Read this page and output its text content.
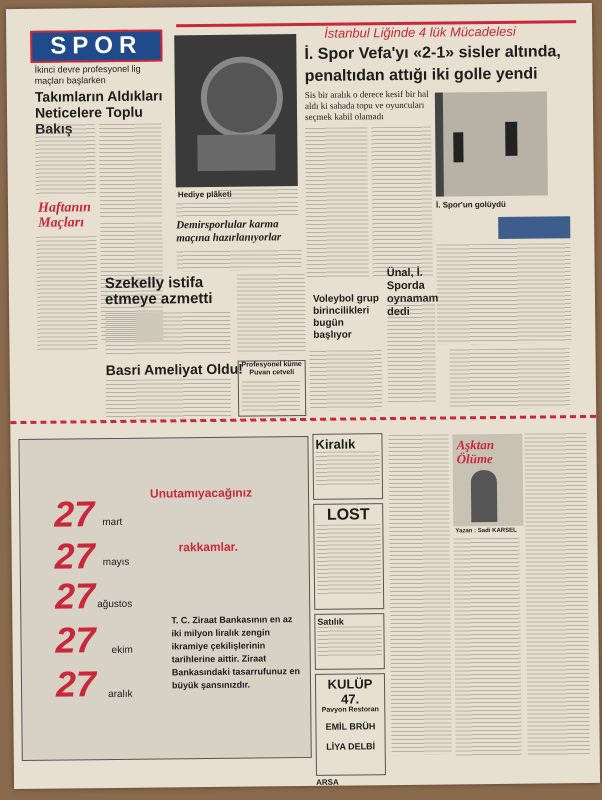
SPOR	İstanbul Liğinde 4 lük Mücadelesi
İkinci devre profesyonel lig maçları başlarken
Takımların Aldıkları Neticelere Toplu Bakış
Haftanın Maçları
Hediye plâketi
Demirsporlular karma maçına hazırlanıyorlar
İ. Spor Vefa'yı «2-1» sisler altında,
penaltıdan attığı iki golle yendi
Sis bir aralık o derece kesif bir hal aldı ki sahada topu ve oyuncuları seçmek kabil olamadı
İ. Spor'un golüydü
Szekelly istifa etmeye azmetti	Voleybol grup birincilikleri bugün başlıyor
Ünal, İ. Sporda oynamam dedi
Basri Ameliyat Oldu!
Profesyonel küme Puvan cetveli
Unutamıyacağınız
rakkamlar.
27 mart
27 mayıs
27 ağustos
27 ekim
27 aralık
T. C. Ziraat Bankasının en az iki milyon liralık zengin ikramiye çekilişlerinin tarihlerine aittir. Ziraat Bankasındaki tasarrufunuz en büyük şansınızdır.
Kiralık
LOST
Satılık
KULÜP 47.
Pavyon Restoran
EMİL BRÜH
LİYA DELBİ
ARSA
Aşktan Ölüme
Yazan : Sadi KARSEL
